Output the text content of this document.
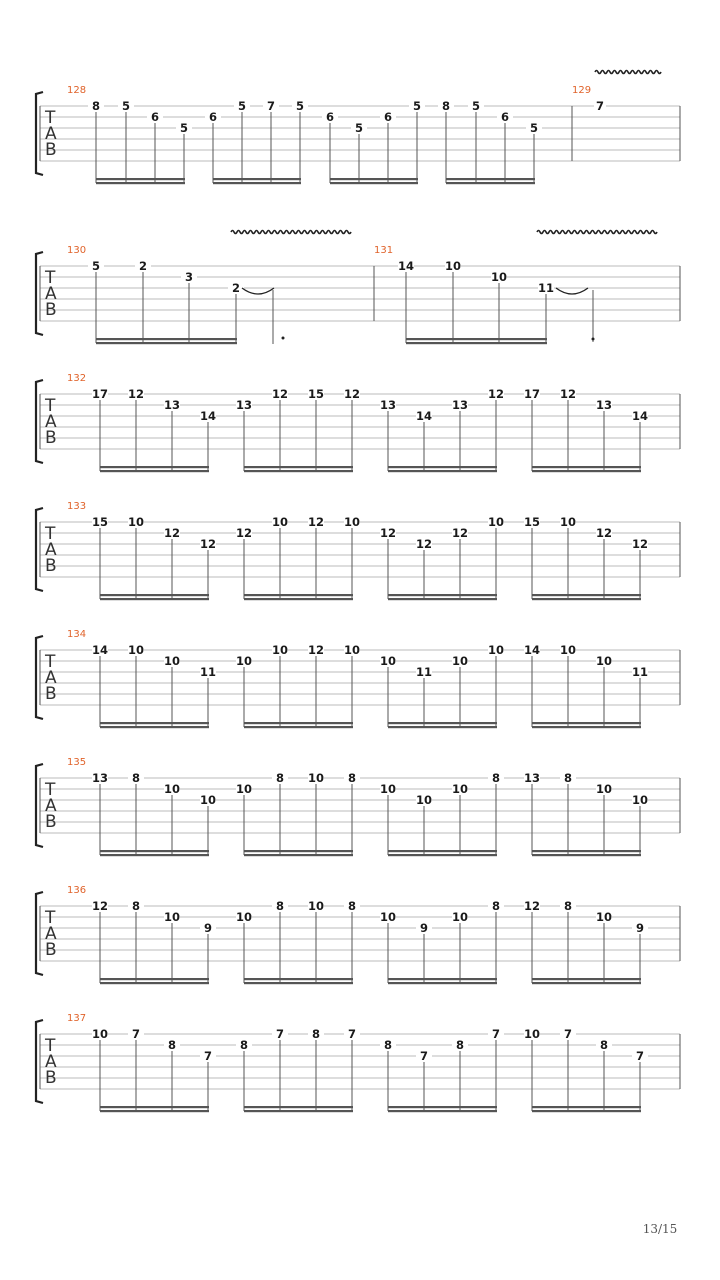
T
A
B
128
8 5
6
5
6
5 7 5
6
5
6
5 8 5
6
5
129
7
T
A
B
130
5	2
3
2
131
14	10
10
11
T
A
B
132
17 12
13
14
13
12 15 12
13
14
13
12 17 12
13
14
T
A
B
133
15 10
12
12
12
10 12 10
12
12
12
10 15 10
12
12
T
A
B
134
14 10
10
11
10
10 12 10
10
11
10
10 14 10
10
11
T
A
B
135
13 8
10
10
10
8 10 8
10
10
10
8 13 8
10
10
T
A
B
136
12 8
10
9
10
8 10 8
10
9
10
8 12 8
10
9
T
A
B
137
10 7
8
7
8
7 8 7
8
7
8
7 10 7
8
7
13/15
